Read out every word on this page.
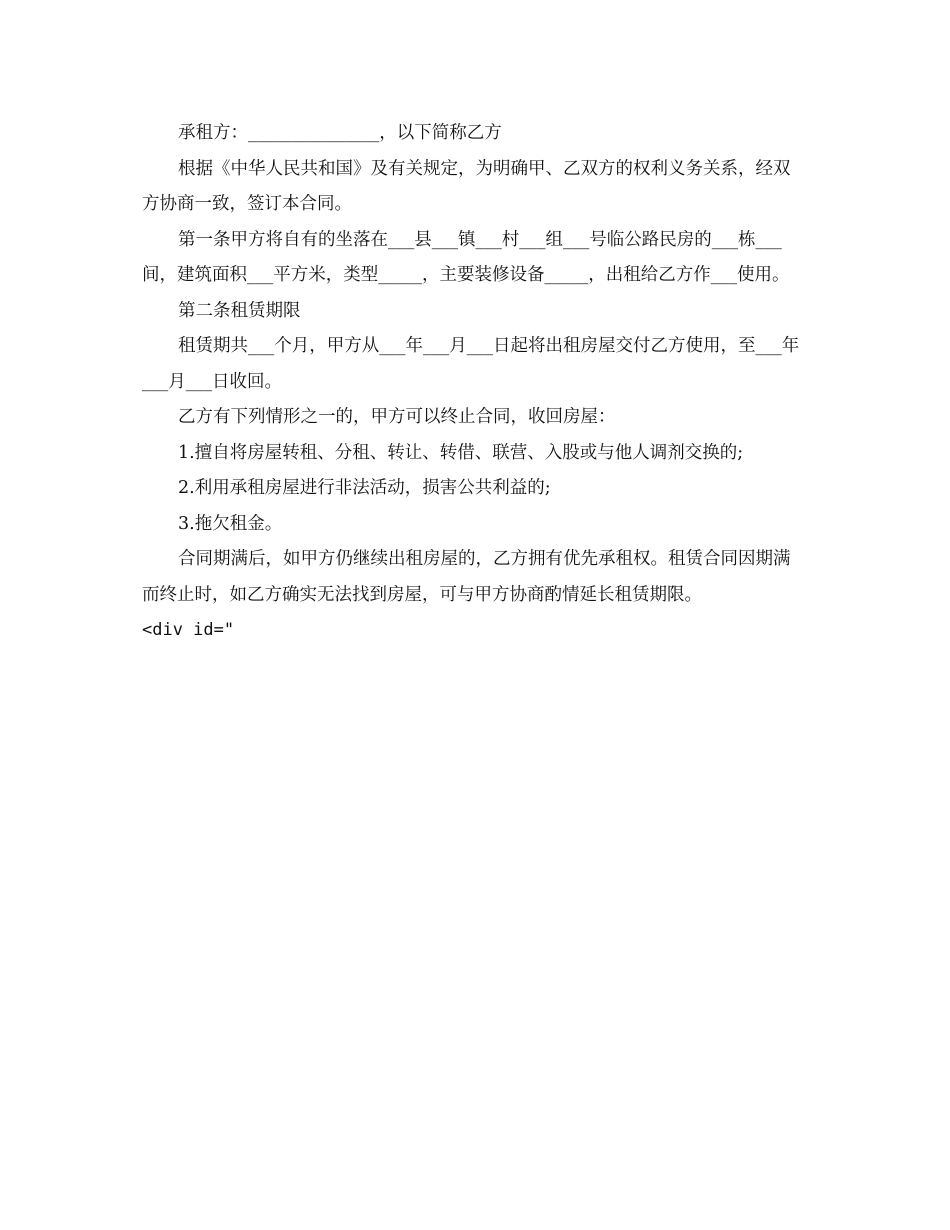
承租方：_______________，以下简称乙方

根据《中华人民共和国》及有关规定，为明确甲、乙双方的权利义务关系，经双方协商一致，签订本合同。

第一条甲方将自有的坐落在___县___镇___村___组___号临公路民房的___栋___间，建筑面积___平方米，类型_____，主要装修设备_____，出租给乙方作___使用。

第二条租赁期限

租赁期共___个月，甲方从___年___月___日起将出租房屋交付乙方使用，至___年___月___日收回。

乙方有下列情形之一的，甲方可以终止合同，收回房屋：

1.擅自将房屋转租、分租、转让、转借、联营、入股或与他人调剂交换的;

2.利用承租房屋进行非法活动，损害公共利益的;

3.拖欠租金。

合同期满后，如甲方仍继续出租房屋的，乙方拥有优先承租权。租赁合同因期满而终止时，如乙方确实无法找到房屋，可与甲方协商酌情延长租赁期限。

<div id="
